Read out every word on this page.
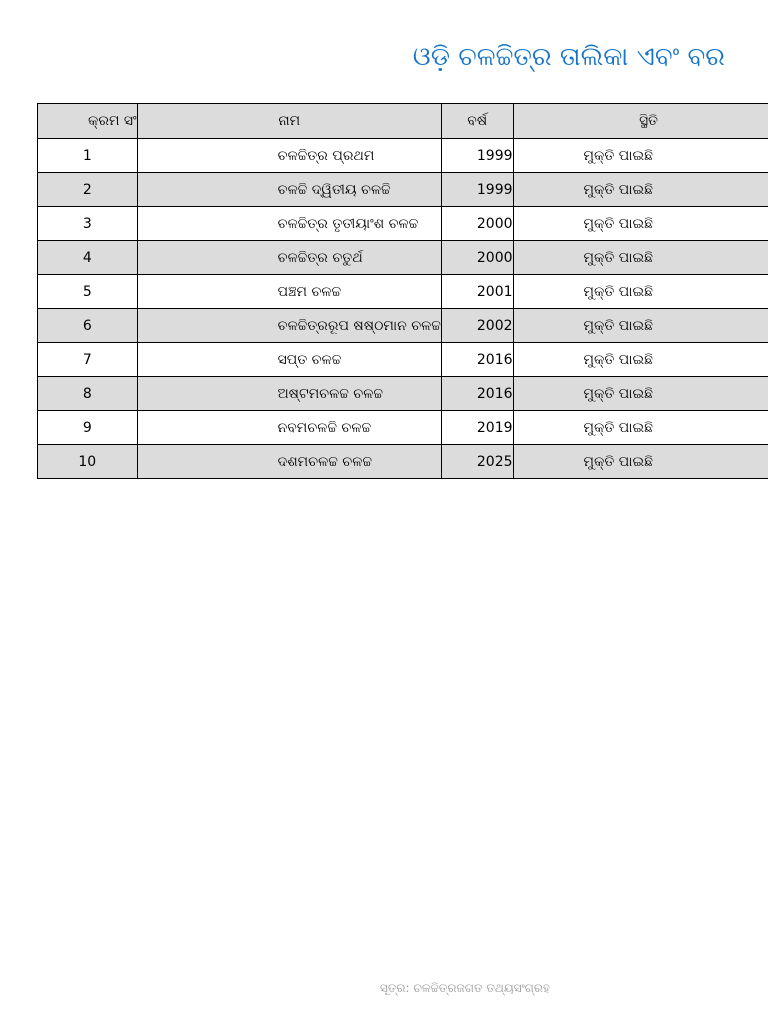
ଓଡ଼ି ଚଳଚ୍ଚିତ୍ର ତାଲିକା ଏବଂ ବର
କ୍ରମ ସଂ	ନାମ	ବର୍ଷ	ସ୍ଥିତି

1	ଚଳଚ୍ଚିତ୍ର ପ୍ରଥମ	1999	ମୁକ୍ତି ପାଇଛି

2	ଚଳଚ୍ଚି ଦ୍ୱିତୀୟ ଚଳଚ୍ଚି	1999	ମୁକ୍ତି ପାଇଛି

3	ଚଳଚ୍ଚିତ୍ର ତୃତୀୟାଂଶ ଚଳଚ୍ଚ	2000	ମୁକ୍ତି ପାଇଛି

4	ଚଳଚ୍ଚିତ୍ର ଚତୁର୍ଥ	2000	ମୁକ୍ତି ପାଇଛି

5	ପଞ୍ଚମ ଚଳଚ୍ଚ	2001	ମୁକ୍ତି ପାଇଛି

6	ଚଳଚ୍ଚିତ୍ରରୂପ ଷଷ୍ଠମାନ ଚଳଚ୍ଚ	2002	ମୁକ୍ତି ପାଇଛି

7	ସପ୍ତ ଚଳଚ୍ଚ	2016	ମୁକ୍ତି ପାଇଛି

8	ଅଷ୍ଟମଚଳଚ୍ଚ ଚଳଚ୍ଚ	2016	ମୁକ୍ତି ପାଇଛି

9	ନବମଚଳଚ୍ଚି ଚଳଚ୍ଚ	2019	ମୁକ୍ତି ପାଇଛି

10	ଦଶମଚଳଚ୍ଚ ଚଳଚ୍ଚ	2025	ମୁକ୍ତି ପାଇଛି
ସୂତ୍ର: ଚଳଚ୍ଚିତ୍ରଜଗତ ତଥ୍ୟସଂଗ୍ରହ
